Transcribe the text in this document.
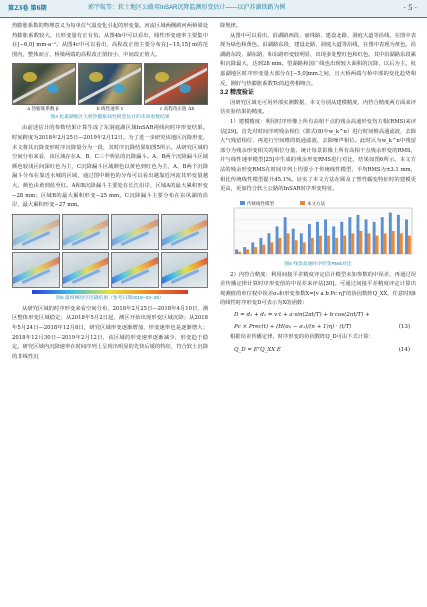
第23卷 第6期	郭宇航等：软土地区公路用InSAR沉降监测形变估计——以沪苏湖铁路为例	· 5 ·

热膨胀系数的物理意义为每单位气温变化引起的形变量。河流区域两侧跨河两桥梁处热膨胀系数较大，且形变量有正有负。从图4b中可以看出，线性形变速率主要集中在[−6,0] mm·a⁻¹。从图4c中可以看出，高程改正值主要分布在[−15,15] m的范围内，整体而言，桥梁两端的高程改正值较小，中间改正值大。

a 热膨胀系数 β	b 线性速率 v	c 高程改正值 Δh
图4 杭嘉湖地区大桥热膨胀线性模型估计的未知参数结果

由前述估计的参数结果计算生成了东洞庭湖区域InSAR视线向时序形变结果。时间跨度为2018年2月25日—2019年2月12日。为了进一步研究该地区沉降形变，本文将其沉降变形时序沉降量分为一段，其时序沉降结果如图5所示。从研究区域的空间分布来看，该区域存在A、B、C三个明显的沉降漏斗。A、B两个沉降漏斗区域颜色较浅区间深红色为主，C沉降漏斗区域颜色以黄色到红色为主，A、B两个沉降漏斗分布在靠近水城的区域，通过图中颜色的分布可以看出越靠近河流其形变量越大。颜色由黄到蓝至红。A和B沉降漏斗主要处在长江沿岸，区域A的最大累积形变−28 mm；区域B的最大累积形变−25 mm。C沉降漏斗主要分布在东风湖的沿岸，最大累积形变−27 mm。

图5 最终网时序沉降结果（参考日期2018−02−25）

从研究区域的时序形变来看空间分布，2018年2月25日—2018年4月10日，测区整体形变区域稳定；从2018年5月2日起，测区开始出现形变区域沉降；从2018年5月24日—2018年12月8日，研究区域形变逐渐增加，形变速率也是逐渐增大；2018年12月30日—2019年2月12日，该区域的形变速率逐渐减少，形变趋于稳定。研究区域内沉降速率在时间序列上呈现出明显的先快后缓的特征，符合软土沉降的非线性沉

降规律。

从图中可以看出，沿湖路西段、丽珠路、建设北路、洞庭大道等沿线，在图中表现为绿色和黄色。沿湖路东段、建设北路、洞庭大道等沿线，在图中表现为黄色。沿湖路东段、湖东路、和东路形变较明显，出现多处整红色和红色。其中沿湖路东段累积沉降最大，达到28 mm。望湖路和国广线也出现较大面积的沉降，以后为主。杭嘉湖地区时序形变量大部分在[−5,0]mm之间，且大桥两端与桥中部的变化趋势相反，刚好与热膨胀系数Tc的趋势相吻合。

3.2 精度验证

因研究区域无可用外部实测数据，本文分别从建模精度、内符合精度两方面来评估实验结果的精度。

1）建模精度：利用时序形像上所有高相干点的残余高通形变均方根(RMS)来评估[29]。首先对时间序列残余相位（即式(8)中w_k^n）进行时间维高通滤波，去除大气残留相位，再进行空间维的低通滤波，去除噪声相位。此时认为w_k^n中残留部分为残余形变相关的相位分量。统计每景影像上所有高相干点残余形变的RMS，并与线性速率模型[25]中生成的残余形变RMS进行对比，结果如图6所示。本文方法的残余形变RMS在时间序列上均要小于传统线性模型，平均RMS为±3.1 mm，相比传统线性模型提升45.1%。证实了本文方法在顾及了塑性蠕变特征时的建模更更高，更加符合软土公路的InSAR时序形变特征。

传统线性模型	本文方法
图6 残余高通时序形变RMS对比

2）内符合精度：利用间接平差精度评定估计模型未知参数的中误差，再通过误差传播定律计算时序形变值的中误差来评估[30]。可通过间接平差精度评定计算出观测值的单位权中误差σ₀和形变参数X=[v a b Pc η]ᵀ的协因数阵Q_XX，任意时刻t的线性时序形变D可表示为X的函数：

D = d₁ + d₂ = v·t + a·sin(2πt/T) + b·cos(2πt/T) +
Pc × Prec(t) + (H(σ₀ − σ₁)/(n + 1)η) · (t/T)	(13)

根据误差传播定律，时序形变的协因数阵Q_D可由下式计算：

Q_D = EᵀQ_XX E	(14)
